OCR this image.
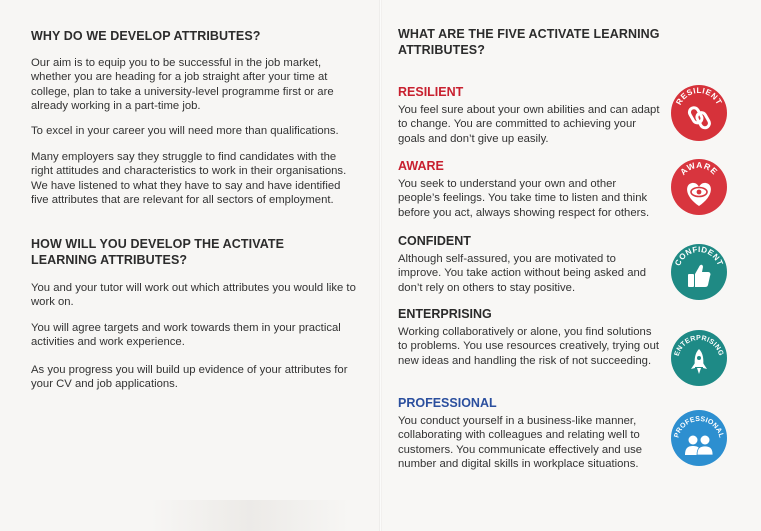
WHY DO WE DEVELOP ATTRIBUTES?

Our aim is to equip you to be successful in the job market, whether you are heading for a job straight after your time at college, plan to take a university-level programme first or are already working in a part-time job.

To excel in your career you will need more than qualifications.

Many employers say they struggle to find candidates with the right attitudes and characteristics to work in their organisations. We have listened to what they have to say and have identified five attributes that are relevant for all sectors of employment.

HOW WILL YOU DEVELOP THE ACTIVATE LEARNING ATTRIBUTES?

You and your tutor will work out which attributes you would like to work on.

You will agree targets and work towards them in your practical activities and work experience.

As you progress you will build up evidence of your attributes for your CV and job applications.

WHAT ARE THE FIVE ACTIVATE LEARNING ATTRIBUTES?
RESILIENT

You feel sure about your own abilities and can adapt to change. You are committed to achieving your goals and don’t give up easily.

RESILIENT
AWARE

You seek to understand your own and other people’s feelings. You take time to listen and think before you act, always showing respect for others.

AWARE
CONFIDENT

Although self-assured, you are motivated to improve. You take action without being asked and don’t rely on others to stay positive.

CONFIDENT
ENTERPRISING

Working collaboratively or alone, you find solutions to problems. You use resources creatively, trying out new ideas and handling the risk of not succeeding.

ENTERPRISING
PROFESSIONAL

You conduct yourself in a business-like manner, collaborating with colleagues and relating well to customers. You communicate effectively and use number and digital skills in workplace situations.

PROFESSIONAL
